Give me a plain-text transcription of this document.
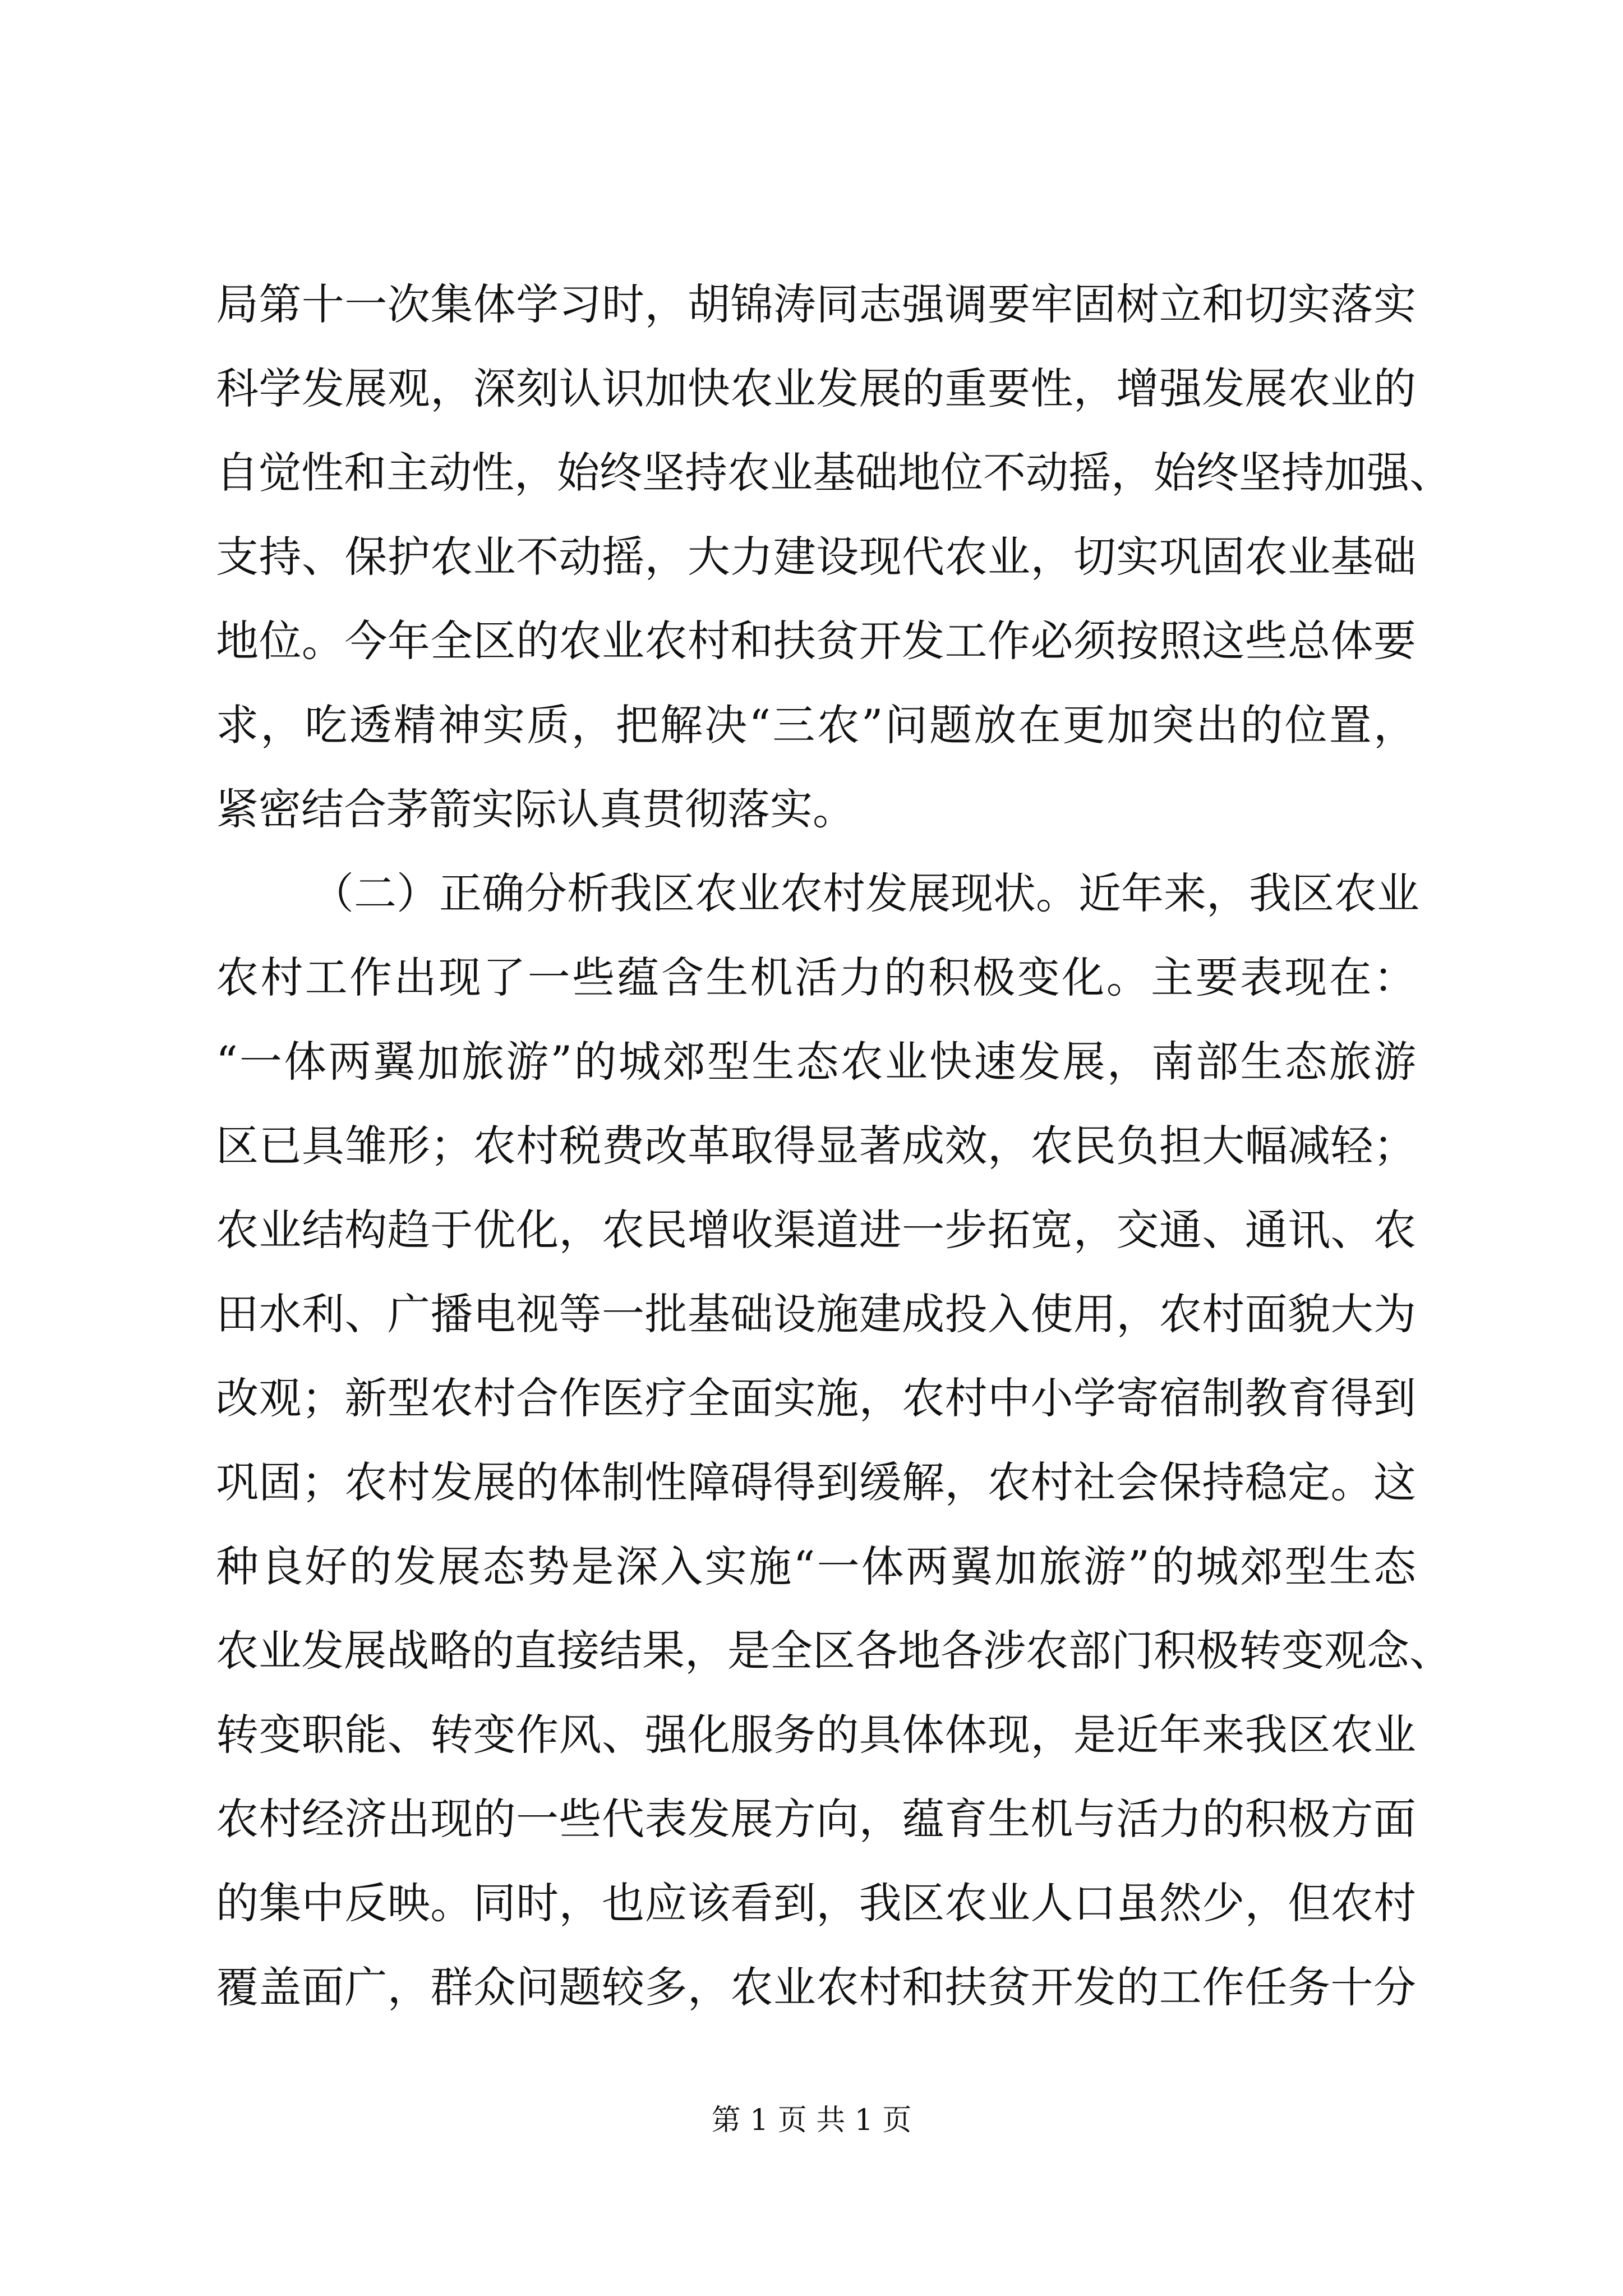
局第十一次集体学习时，胡锦涛同志强调要牢固树立和切实落实
科学发展观，深刻认识加快农业发展的重要性，增强发展农业的
自觉性和主动性，始终坚持农业基础地位不动摇，始终坚持加强、
支持、保护农业不动摇，大力建设现代农业，切实巩固农业基础
地位。今年全区的农业农村和扶贫开发工作必须按照这些总体要
求，吃透精神实质，把解决“三农”问题放在更加突出的位置，
紧密结合茅箭实际认真贯彻落实。
（二）正确分析我区农业农村发展现状。近年来，我区农业
农村工作出现了一些蕴含生机活力的积极变化。主要表现在：
“一体两翼加旅游”的城郊型生态农业快速发展，南部生态旅游
区已具雏形；农村税费改革取得显著成效，农民负担大幅减轻；
农业结构趋于优化，农民增收渠道进一步拓宽，交通、通讯、农
田水利、广播电视等一批基础设施建成投入使用，农村面貌大为
改观；新型农村合作医疗全面实施，农村中小学寄宿制教育得到
巩固；农村发展的体制性障碍得到缓解，农村社会保持稳定。这
种良好的发展态势是深入实施“一体两翼加旅游”的城郊型生态
农业发展战略的直接结果，是全区各地各涉农部门积极转变观念、
转变职能、转变作风、强化服务的具体体现，是近年来我区农业
农村经济出现的一些代表发展方向，蕴育生机与活力的积极方面
的集中反映。同时，也应该看到，我区农业人口虽然少，但农村
覆盖面广，群众问题较多，农业农村和扶贫开发的工作任务十分
第 1 页 共 1 页
